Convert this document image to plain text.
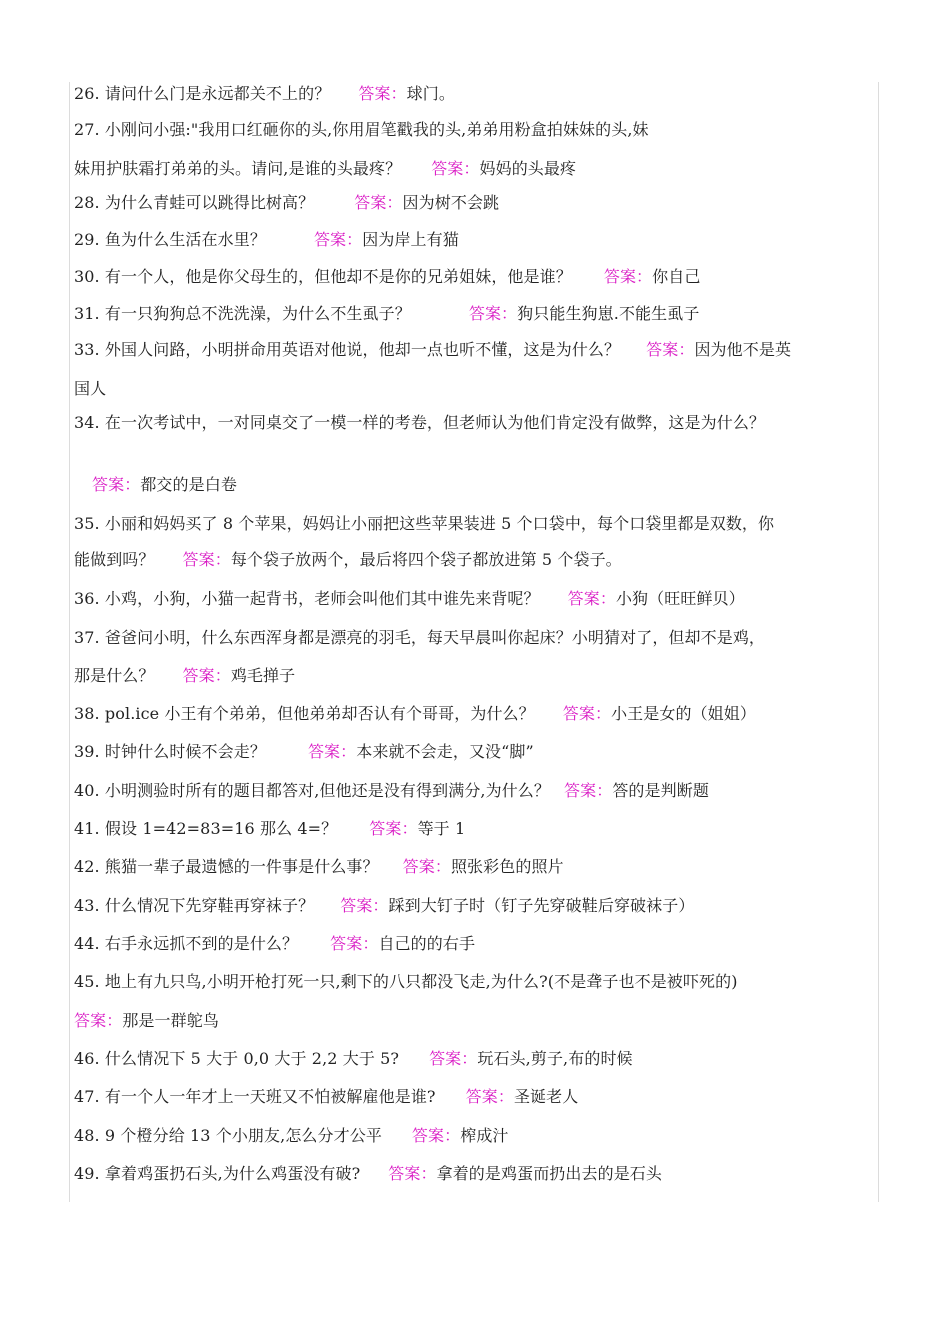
26. 请问什么门是永远都关不上的？ 答案：球门。
27. 小刚问小强:"我用口红砸你的头,你用眉笔戳我的头,弟弟用粉盒拍妹妹的头,妹
妹用护肤霜打弟弟的头。请问,是谁的头最疼？ 答案：妈妈的头最疼
28. 为什么青蛙可以跳得比树高？	答案：因为树不会跳
29. 鱼为什么生活在水里？	答案：因为岸上有猫
30. 有一个人，他是你父母生的，但他却不是你的兄弟姐妹，他是谁？ 答案：你自己
31. 有一只狗狗总不洗洗澡，为什么不生虱子？	答案：狗只能生狗崽.不能生虱子
33. 外国人问路，小明拼命用英语对他说，他却一点也听不懂，这是为什么？ 答案：因为他不是英
国人
34. 在一次考试中，一对同桌交了一模一样的考卷，但老师认为他们肯定没有做弊，这是为什么？
答案：都交的是白卷
35. 小丽和妈妈买了 8 个苹果，妈妈让小丽把这些苹果装进 5 个口袋中，每个口袋里都是双数，你
能做到吗？ 答案：每个袋子放两个，最后将四个袋子都放进第 5 个袋子。
36. 小鸡，小狗，小猫一起背书，老师会叫他们其中谁先来背呢？ 答案：小狗（旺旺鲜贝）
37. 爸爸问小明，什么东西浑身都是漂亮的羽毛，每天早晨叫你起床？小明猜对了，但却不是鸡，
那是什么？ 答案：鸡毛掸子
38. pol.ice 小王有个弟弟，但他弟弟却否认有个哥哥，为什么？ 答案：小王是女的（姐姐）
39. 时钟什么时候不会走？	答案：本来就不会走，又没“脚”
40. 小明测验时所有的题目都答对,但他还是没有得到满分,为什么？ 答案：答的是判断题
41. 假设 1=42=83=16 那么 4=？ 答案：等于 1
42. 熊猫一辈子最遗憾的一件事是什么事？ 答案：照张彩色的照片
43. 什么情况下先穿鞋再穿袜子？ 答案：踩到大钉子时（钉子先穿破鞋后穿破袜子）
44. 右手永远抓不到的是什么？ 答案：自己的的右手
45. 地上有九只鸟,小明开枪打死一只,剩下的八只都没飞走,为什么?(不是聋子也不是被吓死的)
答案：那是一群鸵鸟
46. 什么情况下 5 大于 0,0 大于 2,2 大于 5? 答案：玩石头,剪子,布的时候
47. 有一个人一年才上一天班又不怕被解雇他是谁? 答案：圣诞老人
48. 9 个橙分给 13 个小朋友,怎么分才公平 答案：榨成汁
49. 拿着鸡蛋扔石头,为什么鸡蛋没有破? 答案：拿着的是鸡蛋而扔出去的是石头
